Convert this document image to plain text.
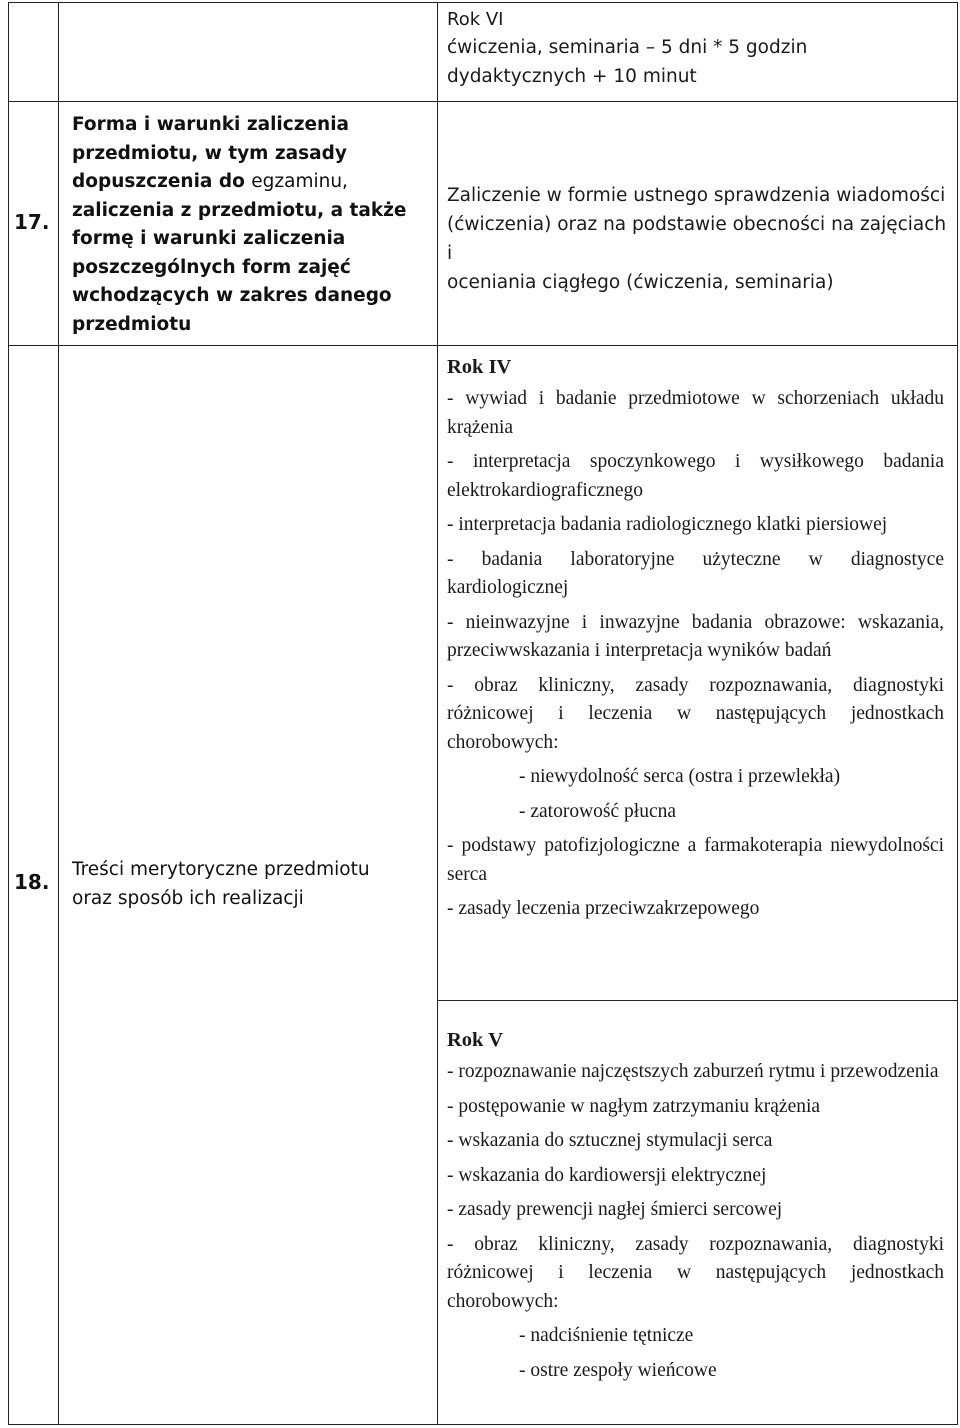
Rok VI

ćwiczenia, seminaria – 5 dni * 5 godzin

dydaktycznych + 10 minut

17.
Forma i warunki zaliczenia
przedmiotu, w tym zasady
dopuszczenia do egzaminu,
zaliczenia z przedmiotu, a także
formę i warunki zaliczenia
poszczególnych form zajęć
wchodzących w zakres danego
przedmiotu
Zaliczenie w formie ustnego sprawdzenia wiadomości
(ćwiczenia) oraz na podstawie obecności na zajęciach i
oceniania ciągłego (ćwiczenia, seminaria)
18.
Treści merytoryczne przedmiotu
oraz sposób ich realizacji

Rok IV

- wywiad i badanie przedmiotowe w schorzeniach układu krążenia

- interpretacja spoczynkowego i wysiłkowego badania elektrokardiograficznego

- interpretacja badania radiologicznego klatki piersiowej

- badania laboratoryjne użyteczne w diagnostyce kardiologicznej

- nieinwazyjne i inwazyjne badania obrazowe: wskazania, przeciwwskazania i interpretacja wyników badań

- obraz kliniczny, zasady rozpoznawania, diagnostyki różnicowej i leczenia w następujących jednostkach chorobowych:

- niewydolność serca (ostra i przewlekła)

- zatorowość płucna

- podstawy patofizjologiczne a farmakoterapia niewydolności serca

- zasady leczenia przeciwzakrzepowego

Rok V

- rozpoznawanie najczęstszych zaburzeń rytmu i przewodzenia

- postępowanie w nagłym zatrzymaniu krążenia

- wskazania do sztucznej stymulacji serca

- wskazania do kardiowersji elektrycznej

- zasady prewencji nagłej śmierci sercowej

- obraz kliniczny, zasady rozpoznawania, diagnostyki różnicowej i leczenia w następujących jednostkach chorobowych:

- nadciśnienie tętnicze

- ostre zespoły wieńcowe
